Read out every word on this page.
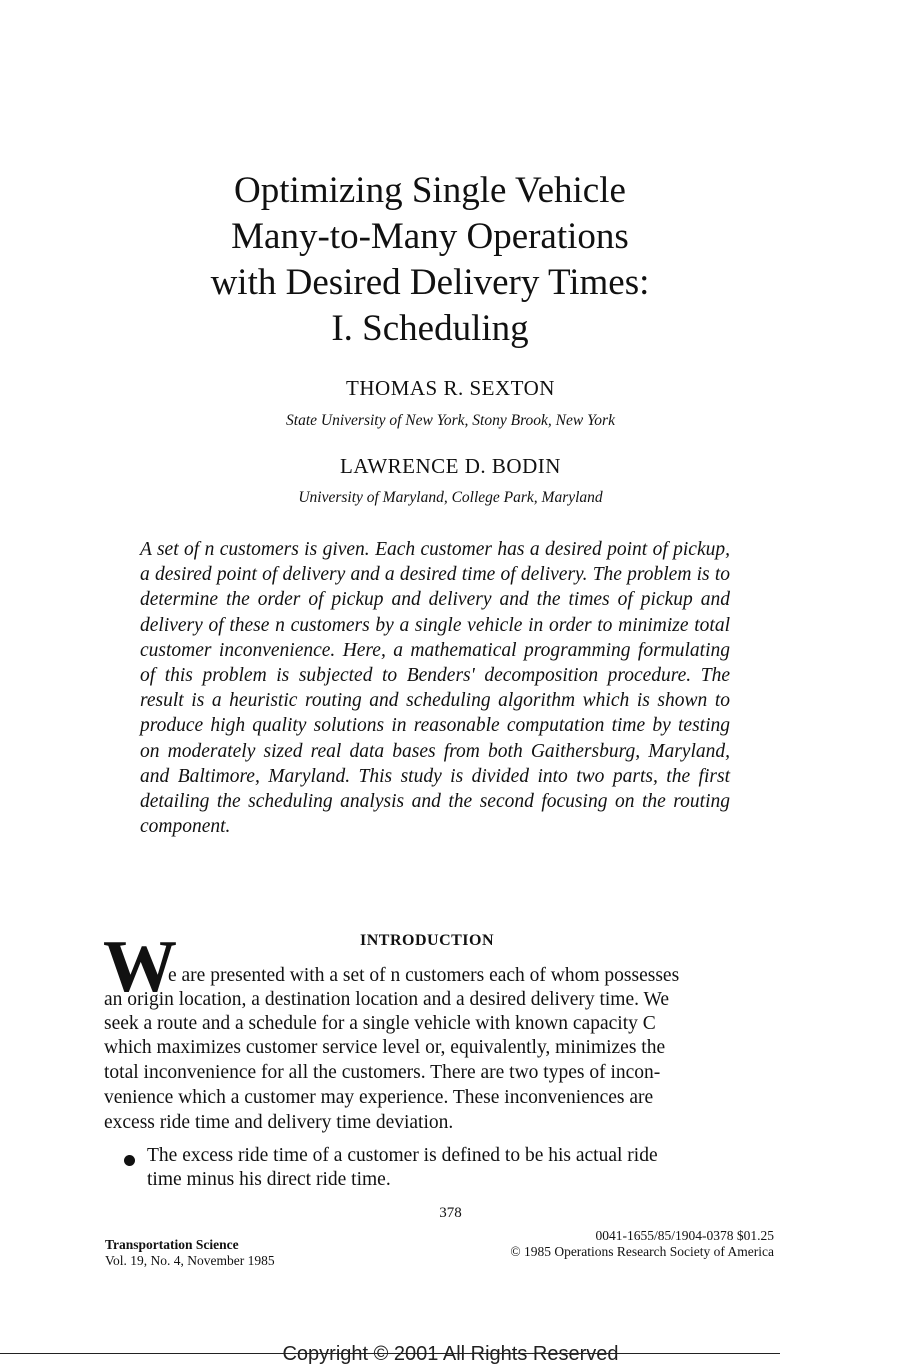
Optimizing Single Vehicle
Many-to-Many Operations
with Desired Delivery Times:
I. Scheduling
THOMAS R. SEXTON
State University of New York, Stony Brook, New York
LAWRENCE D. BODIN
University of Maryland, College Park, Maryland
A set of n customers is given. Each customer has a desired point of pickup, a desired point of delivery and a desired time of delivery. The problem is to determine the order of pickup and delivery and the times of pickup and delivery of these n customers by a single vehicle in order to minimize total customer inconvenience. Here, a mathematical programming formulating of this problem is subjected to Benders' decomposition procedure. The result is a heuristic routing and scheduling algorithm which is shown to produce high quality solutions in reasonable computation time by testing on moderately sized real data bases from both Gaithersburg, Maryland, and Baltimore, Maryland. This study is divided into two parts, the first detailing the scheduling analysis and the second focusing on the routing component.
INTRODUCTION
W
e are presented with a set of n customers each of whom possesses
an origin location, a destination location and a desired delivery time. We
seek a route and a schedule for a single vehicle with known capacity C
which maximizes customer service level or, equivalently, minimizes the
total inconvenience for all the customers. There are two types of incon-
venience which a customer may experience. These inconveniences are
excess ride time and delivery time deviation.
The excess ride time of a customer is defined to be his actual ride
time minus his direct ride time.
378
Transportation Science
Vol. 19, No. 4, November 1985
0041-1655/85/1904-0378 $01.25
© 1985 Operations Research Society of America
Copyright © 2001 All Rights Reserved
